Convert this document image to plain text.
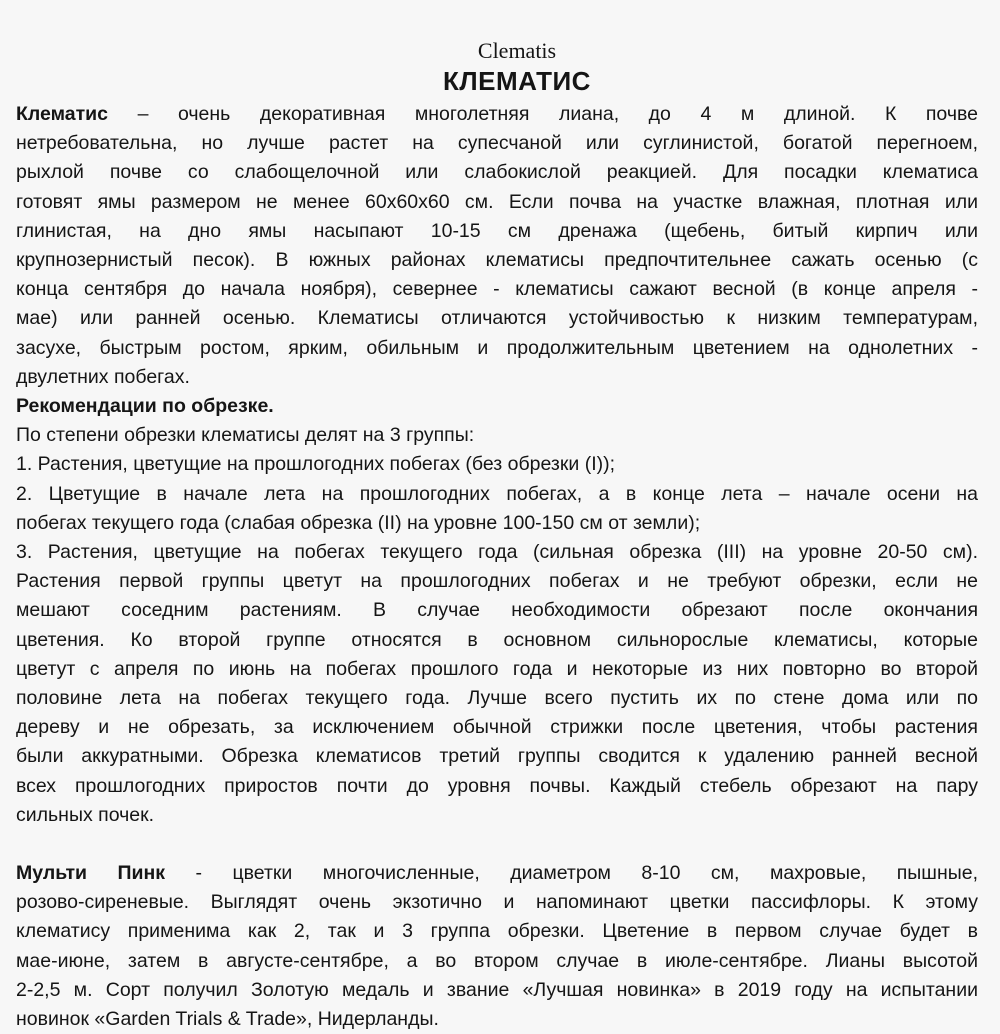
Clematis
КЛЕМАТИС
Клематис – очень декоративная многолетняя лиана, до 4 м длиной. К почве
нетребовательна, но лучше растет на супесчаной или суглинистой, богатой перегноем,
рыхлой почве со слабощелочной или слабокислой реакцией. Для посадки клематиса
готовят ямы размером не менее 60х60х60 см. Если почва на участке влажная, плотная или
глинистая, на дно ямы насыпают 10-15 см дренажа (щебень, битый кирпич или
крупнозернистый песок). В южных районах клематисы предпочтительнее сажать осенью (с
конца сентября до начала ноября), севернее - клематисы сажают весной (в конце апреля -
мае) или ранней осенью. Клематисы отличаются устойчивостью к низким температурам,
засухе, быстрым ростом, ярким, обильным и продолжительным цветением на однолетних -
двулетних побегах.
Рекомендации по обрезке.
По степени обрезки клематисы делят на 3 группы:
1. Растения, цветущие на прошлогодних побегах (без обрезки (I));
2. Цветущие в начале лета на прошлогодних побегах, а в конце лета – начале осени на
побегах текущего года (слабая обрезка (II) на уровне 100-150 см от земли);
3. Растения, цветущие на побегах текущего года (сильная обрезка (III) на уровне 20-50 см).
Растения первой группы цветут на прошлогодних побегах и не требуют обрезки, если не
мешают соседним растениям. В случае необходимости обрезают после окончания
цветения. Ко второй группе относятся в основном сильнорослые клематисы, которые
цветут с апреля по июнь на побегах прошлого года и некоторые из них повторно во второй
половине лета на побегах текущего года. Лучше всего пустить их по стене дома или по
дереву и не обрезать, за исключением обычной стрижки после цветения, чтобы растения
были аккуратными. Обрезка клематисов третий группы сводится к удалению ранней весной
всех прошлогодних приростов почти до уровня почвы. Каждый стебель обрезают на пару
сильных почек.
Мульти Пинк - цветки многочисленные, диаметром 8-10 см, махровые, пышные,
розово-сиреневые. Выглядят очень экзотично и напоминают цветки пассифлоры. К этому
клематису применима как 2, так и 3 группа обрезки. Цветение в первом случае будет в
мае-июне, затем в августе-сентябре, а во втором случае в июле-сентябре. Лианы высотой
2-2,5 м. Сорт получил Золотую медаль и звание «Лучшая новинка» в 2019 году на испытании
новинок «Garden Trials & Trade», Нидерланды.
